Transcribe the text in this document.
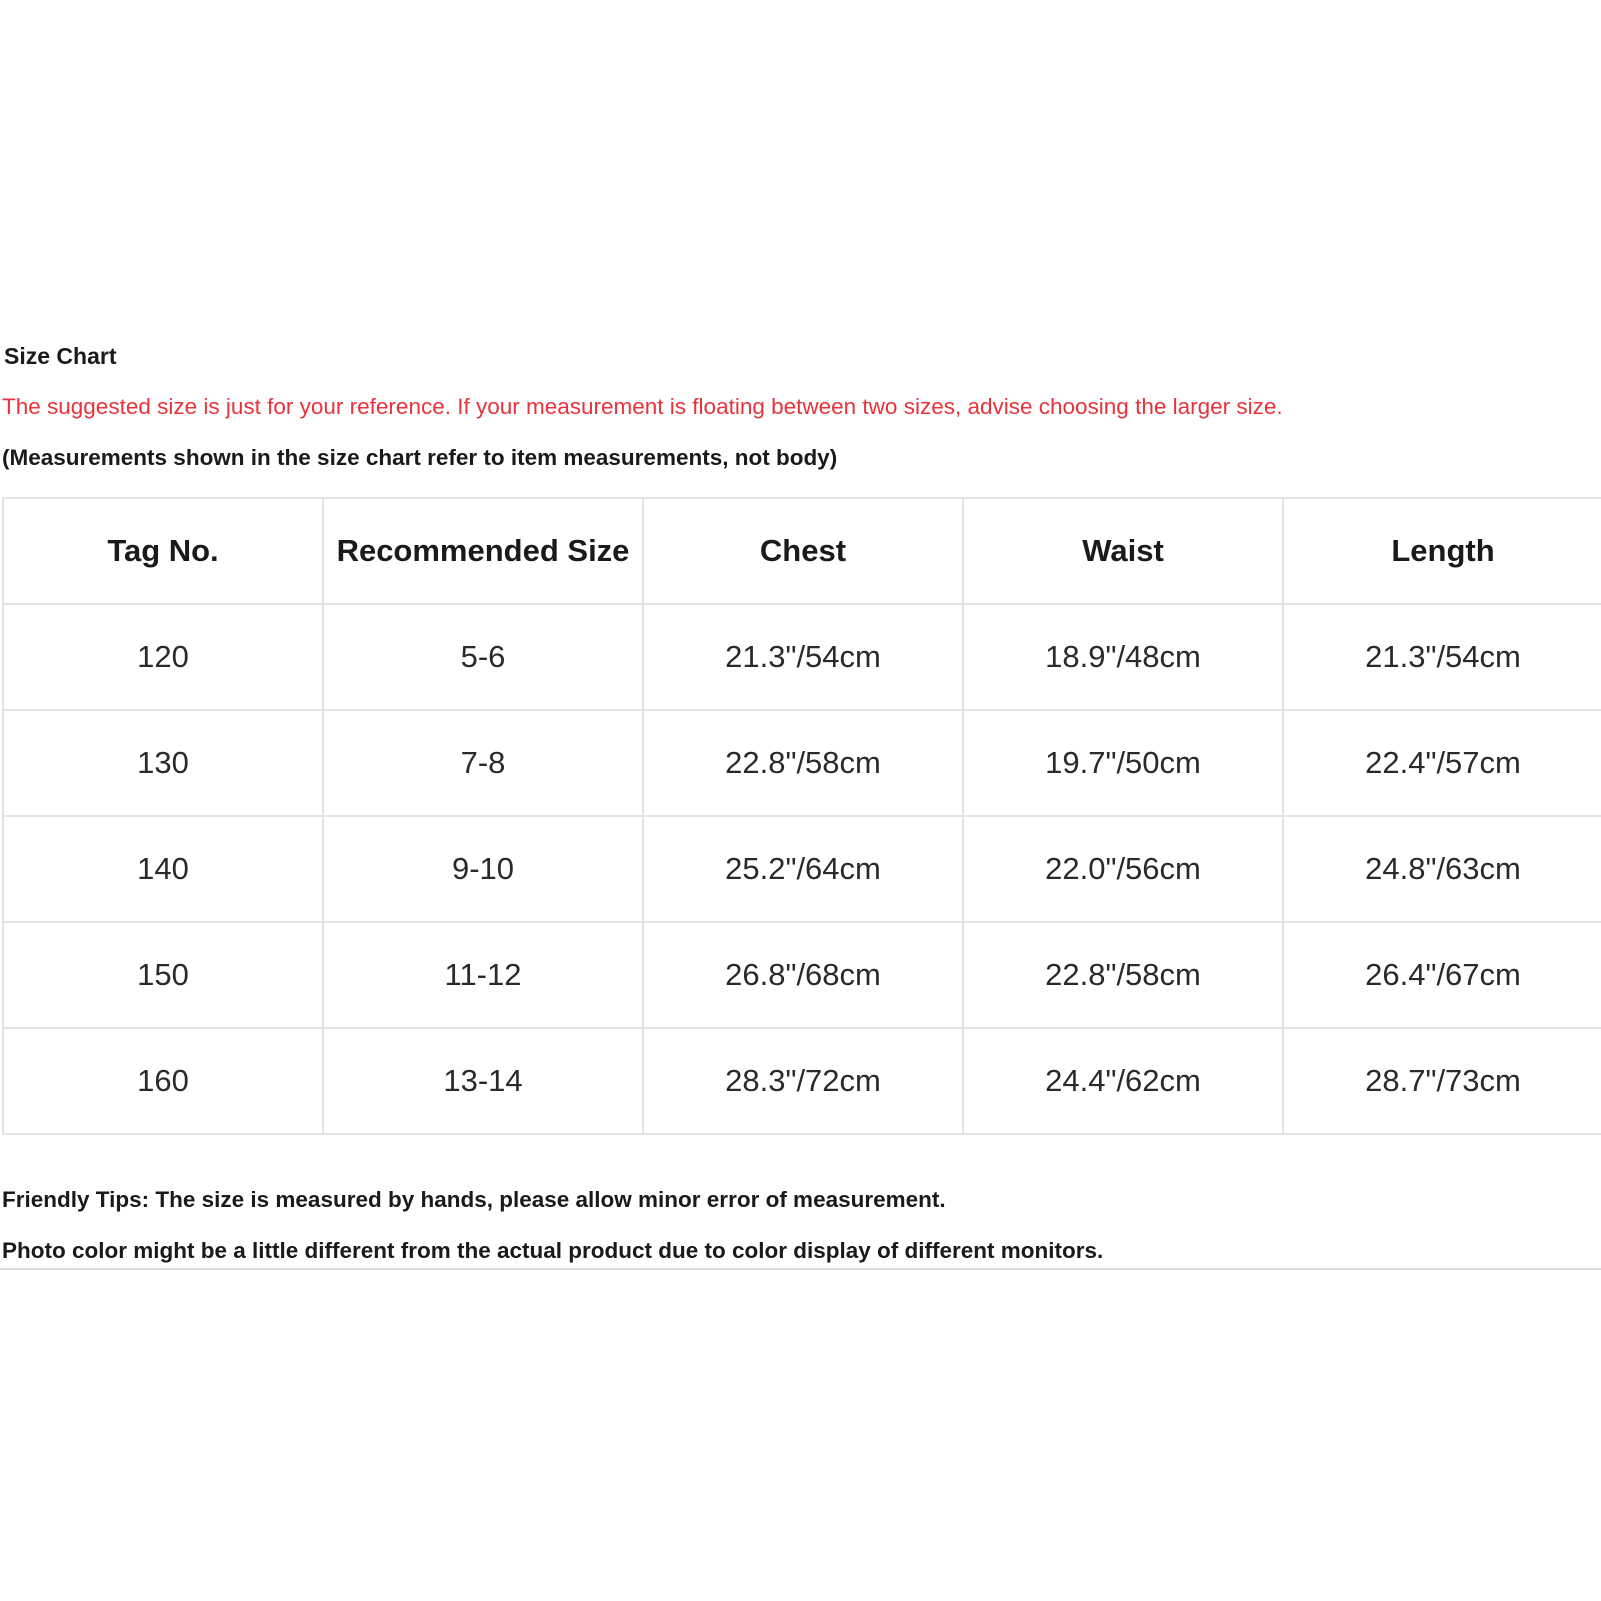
Size Chart
The suggested size is just for your reference. If your measurement is floating between two sizes, advise choosing the larger size.
(Measurements shown in the size chart refer to item measurements, not body)
Tag No.	Recommended Size	Chest	Waist	Length
120	5-6	21.3"/54cm	18.9"/48cm	21.3"/54cm
130	7-8	22.8"/58cm	19.7"/50cm	22.4"/57cm
140	9-10	25.2"/64cm	22.0"/56cm	24.8"/63cm
150	11-12	26.8"/68cm	22.8"/58cm	26.4"/67cm
160	13-14	28.3"/72cm	24.4"/62cm	28.7"/73cm
Friendly Tips: The size is measured by hands, please allow minor error of measurement.
Photo color might be a little different from the actual product due to color display of different monitors.
